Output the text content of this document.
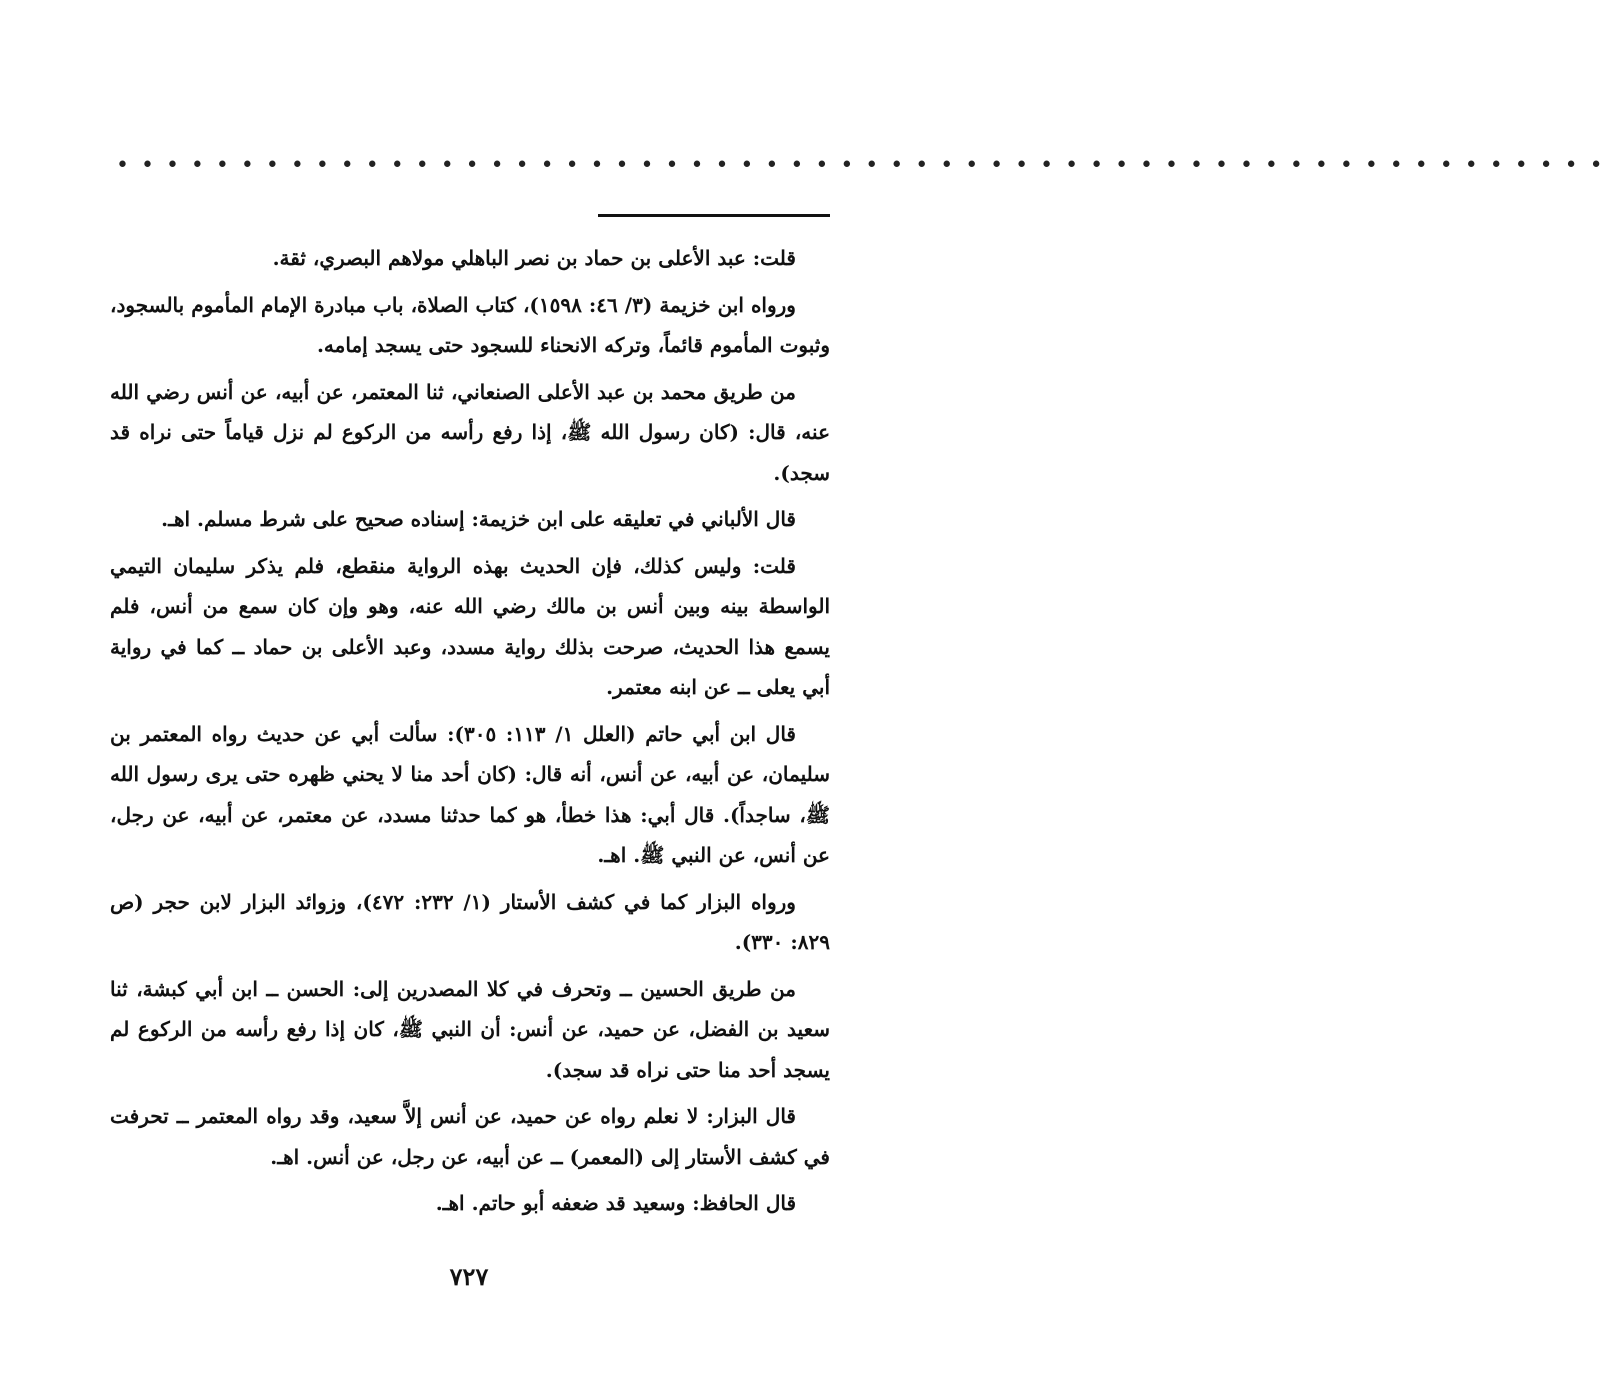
••••••••••••••••••••••••••••••••••••••••••••••••••••••••••••

قلت: عبد الأعلى بن حماد بن نصر الباهلي مولاهم البصري، ثقة.

ورواه ابن خزيمة (٣/ ٤٦: ١٥٩٨)، كتاب الصلاة، باب مبادرة الإمام المأموم بالسجود، وثبوت المأموم قائماً، وتركه الانحناء للسجود حتى يسجد إمامه.

من طريق محمد بن عبد الأعلى الصنعاني، ثنا المعتمر، عن أبيه، عن أنس رضي الله عنه، قال: (كان رسول الله ﷺ، إذا رفع رأسه من الركوع لم نزل قياماً حتى نراه قد سجد).

قال الألباني في تعليقه على ابن خزيمة: إسناده صحيح على شرط مسلم. اهـ.

قلت: وليس كذلك، فإن الحديث بهذه الرواية منقطع، فلم يذكر سليمان التيمي الواسطة بينه وبين أنس بن مالك رضي الله عنه، وهو وإن كان سمع من أنس، فلم يسمع هذا الحديث، صرحت بذلك رواية مسدد، وعبد الأعلى بن حماد ــ كما في رواية أبي يعلى ــ عن ابنه معتمر.

قال ابن أبي حاتم (العلل ١/ ١١٣: ٣٠٥): سألت أبي عن حديث رواه المعتمر بن سليمان، عن أبيه، عن أنس، أنه قال: (كان أحد منا لا يحني ظهره حتى يرى رسول الله ﷺ، ساجداً). قال أبي: هذا خطأ، هو كما حدثنا مسدد، عن معتمر، عن أبيه، عن رجل، عن أنس، عن النبي ﷺ. اهـ.

ورواه البزار كما في كشف الأستار (١/ ٢٣٢: ٤٧٢)، وزوائد البزار لابن حجر (ص ٨٢٩: ٣٣٠).

من طريق الحسين ــ وتحرف في كلا المصدرين إلى: الحسن ــ ابن أبي كبشة، ثنا سعيد بن الفضل، عن حميد، عن أنس: أن النبي ﷺ، كان إذا رفع رأسه من الركوع لم يسجد أحد منا حتى نراه قد سجد).

قال البزار: لا نعلم رواه عن حميد، عن أنس إلاَّ سعيد، وقد رواه المعتمر ــ تحرفت في كشف الأستار إلى (المعمر) ــ عن أبيه، عن رجل، عن أنس. اهـ.

قال الحافظ: وسعيد قد ضعفه أبو حاتم. اهـ.

٧٢٧
